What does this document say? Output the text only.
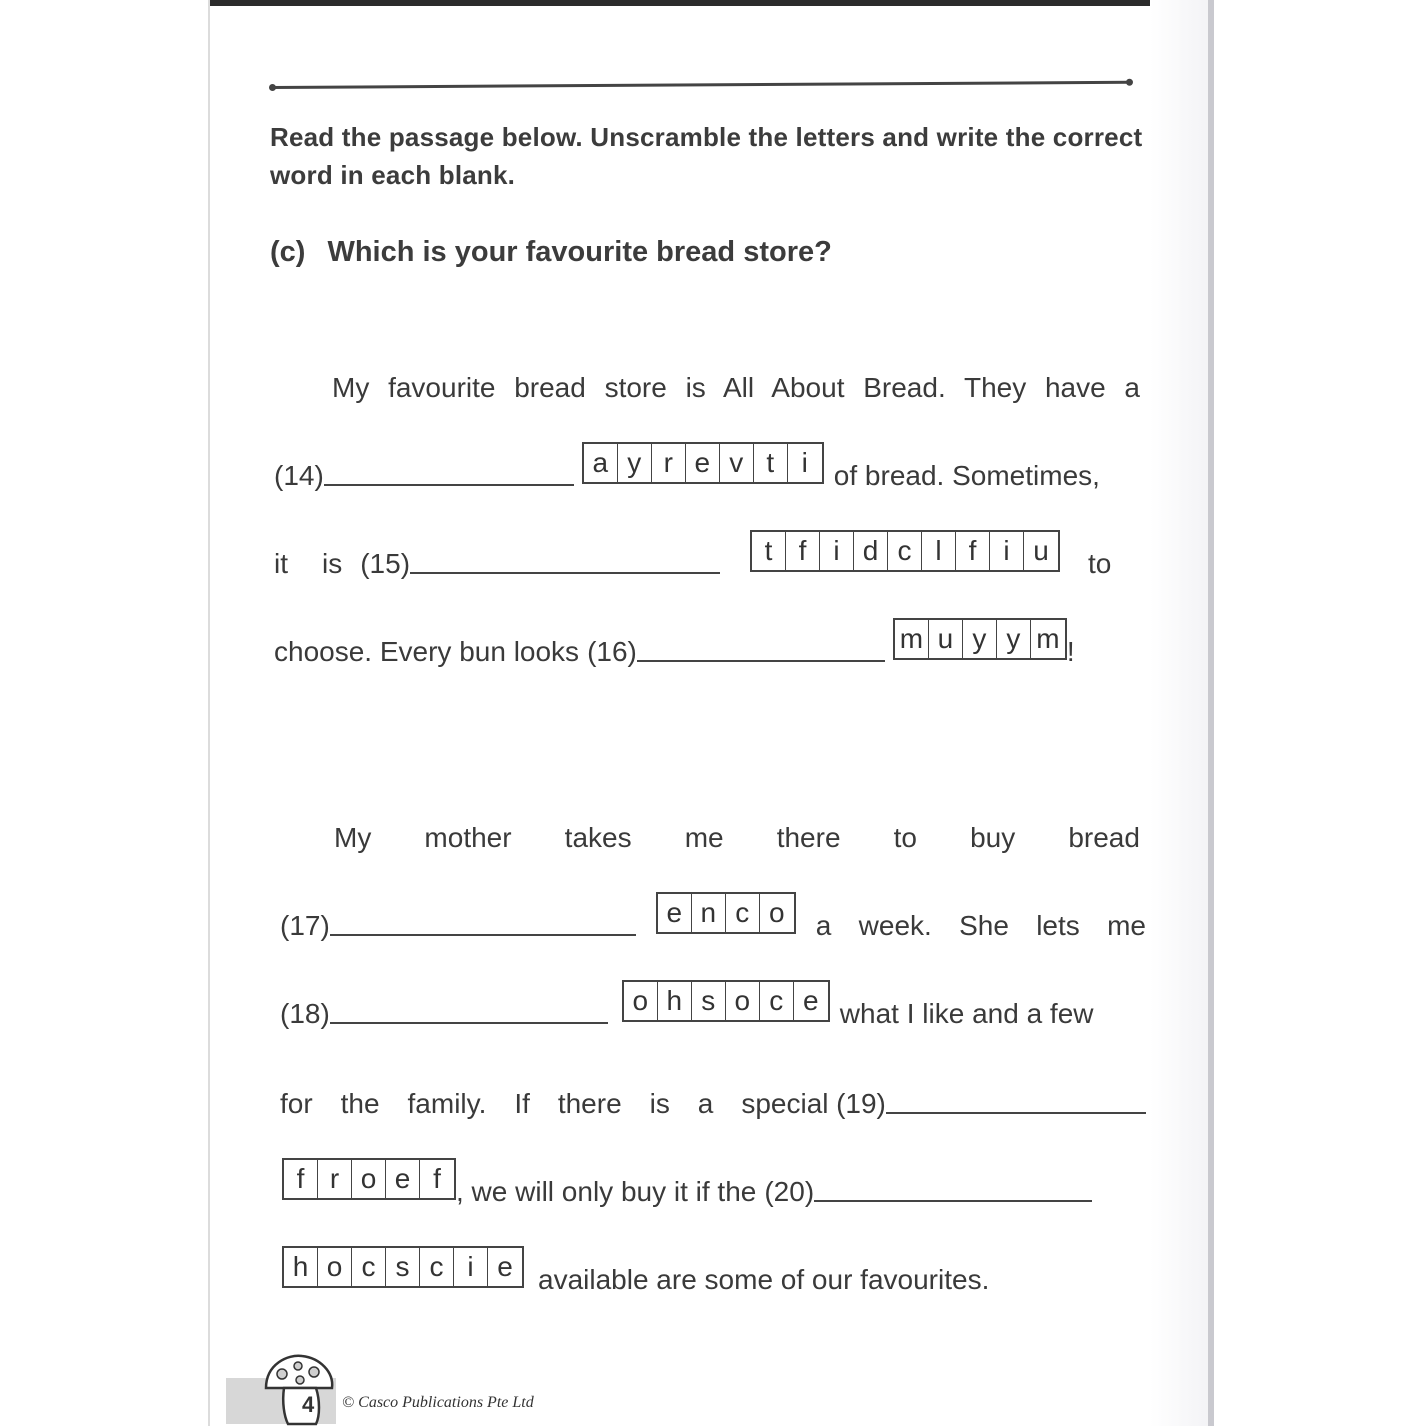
Read the passage below. Unscramble the letters and write the correct word in each blank.
(c) Which is your favourite bread store?
My favourite bread store is All About Bread. They have a
(14)	a y r e v t i of bread. Sometimes,
it is (15)	t f i d c l f i u	to
choose. Every bun looks (16)	m u y y m !
My mother takes me there to buy bread
(17)	e n c o	a week. She lets me
(18)	o h s o c e what I like and a few
for the family. If there is a special (19)
f r o e f , we will only buy it if the (20)
h o c s c i e available are some of our favourites.
4 © Casco Publications Pte Ltd
